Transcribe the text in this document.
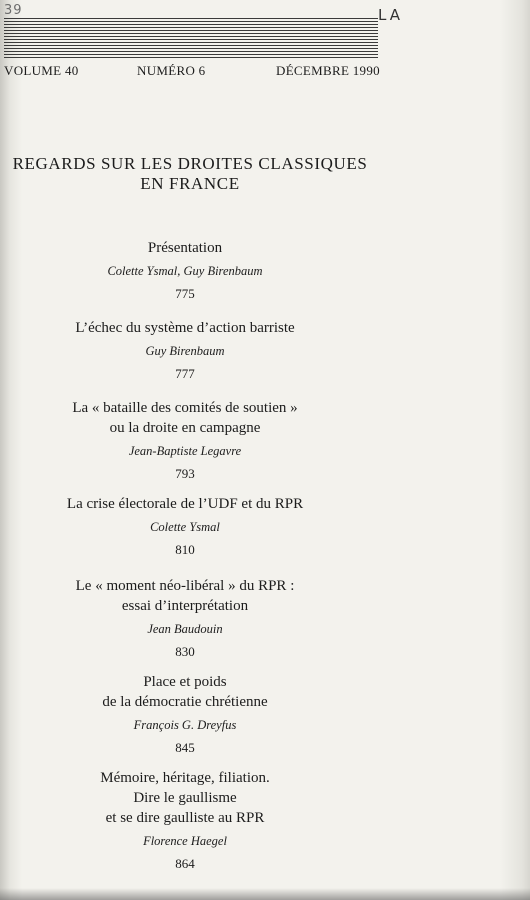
39	LA
VOLUME 40	NUMÉRO 6	DÉCEMBRE 1990
REGARDS SUR LES DROITES CLASSIQUES
EN FRANCE
Présentation
Colette Ysmal, Guy Birenbaum
775
L’échec du système d’action barriste
Guy Birenbaum
777
La « bataille des comités de soutien »
ou la droite en campagne
Jean-Baptiste Legavre
793
La crise électorale de l’UDF et du RPR
Colette Ysmal
810
Le « moment néo-libéral » du RPR :
essai d’interprétation
Jean Baudouin
830
Place et poids
de la démocratie chrétienne
François G. Dreyfus
845
Mémoire, héritage, filiation.
Dire le gaullisme
et se dire gaulliste au RPR
Florence Haegel
864
